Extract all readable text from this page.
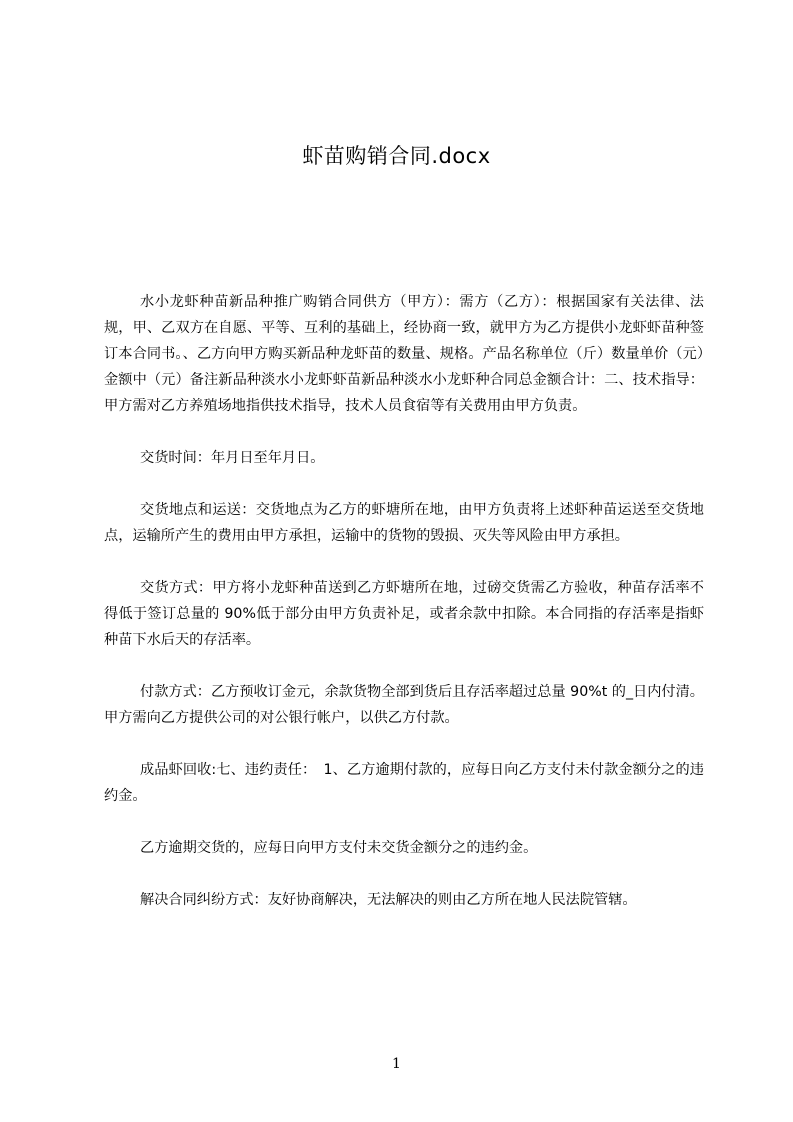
虾苗购销合同.docx

水小龙虾种苗新品种推广购销合同供方（甲方）：需方（乙方）：根据国家有关法律、法规，甲、乙双方在自愿、平等、互利的基础上，经协商一致，就甲方为乙方提供小龙虾虾苗种签订本合同书。、乙方向甲方购买新品种龙虾苗的数量、规格。产品名称单位（斤）数量单价（元）金额中（元）备注新品种淡水小龙虾虾苗新品种淡水小龙虾种合同总金额合计：二、技术指导：甲方需对乙方养殖场地指供技术指导，技术人员食宿等有关费用由甲方负责。

交货时间：年月日至年月日。

交货地点和运送：交货地点为乙方的虾塘所在地，由甲方负责将上述虾种苗运送至交货地点，运输所产生的费用由甲方承担，运输中的货物的毁损、灭失等风险由甲方承担。

交货方式：甲方将小龙虾种苗送到乙方虾塘所在地，过磅交货需乙方验收，种苗存活率不得低于签订总量的 90%低于部分由甲方负责补足，或者余款中扣除。本合同指的存活率是指虾种苗下水后天的存活率。

付款方式：乙方预收订金元，余款货物全部到货后且存活率超过总量 90%t 的_日内付清。甲方需向乙方提供公司的对公银行帐户，以供乙方付款。

成品虾回收:七、违约责任：　1、乙方逾期付款的，应每日向乙方支付未付款金额分之的违约金。

乙方逾期交货的，应每日向甲方支付未交货金额分之的违约金。

解决合同纠纷方式：友好协商解决，无法解决的则由乙方所在地人民法院管辖。

1
